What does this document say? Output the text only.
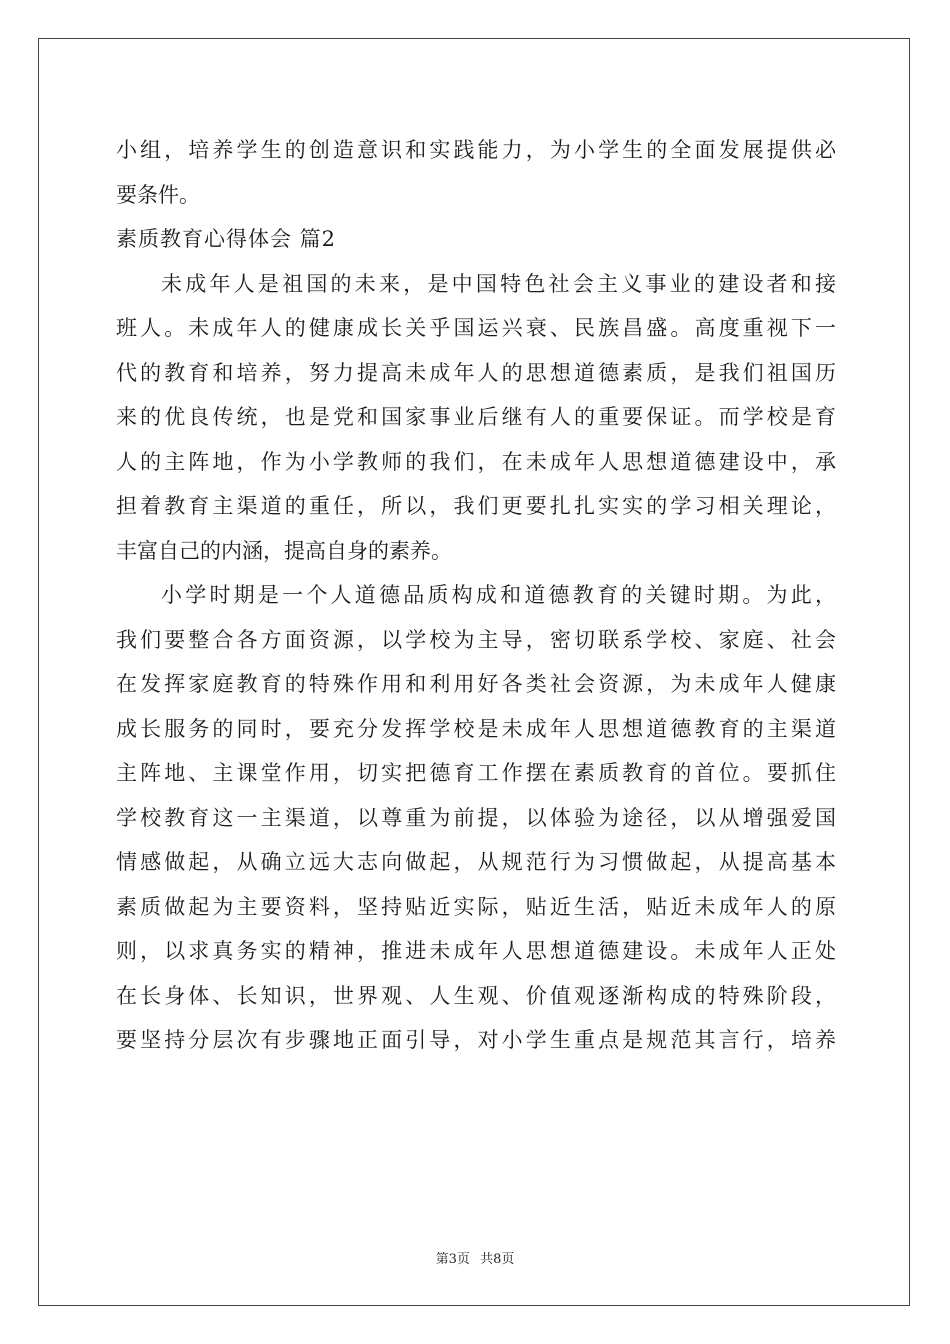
小组，培养学生的创造意识和实践能力，为小学生的全面发展提供必
要条件。
素质教育心得体会 篇2
未成年人是祖国的未来，是中国特色社会主义事业的建设者和接
班人。未成年人的健康成长关乎国运兴衰、民族昌盛。高度重视下一
代的教育和培养，努力提高未成年人的思想道德素质，是我们祖国历
来的优良传统，也是党和国家事业后继有人的重要保证。而学校是育
人的主阵地，作为小学教师的我们，在未成年人思想道德建设中，承
担着教育主渠道的重任，所以，我们更要扎扎实实的学习相关理论，
丰富自己的内涵，提高自身的素养。
小学时期是一个人道德品质构成和道德教育的关键时期。为此，
我们要整合各方面资源，以学校为主导，密切联系学校、家庭、社会
在发挥家庭教育的特殊作用和利用好各类社会资源，为未成年人健康
成长服务的同时，要充分发挥学校是未成年人思想道德教育的主渠道
主阵地、主课堂作用，切实把德育工作摆在素质教育的首位。要抓住
学校教育这一主渠道，以尊重为前提，以体验为途径，以从增强爱国
情感做起，从确立远大志向做起，从规范行为习惯做起，从提高基本
素质做起为主要资料，坚持贴近实际，贴近生活，贴近未成年人的原
则，以求真务实的精神，推进未成年人思想道德建设。未成年人正处
在长身体、长知识，世界观、人生观、价值观逐渐构成的特殊阶段，
要坚持分层次有步骤地正面引导，对小学生重点是规范其言行，培养
第3页 共8页
